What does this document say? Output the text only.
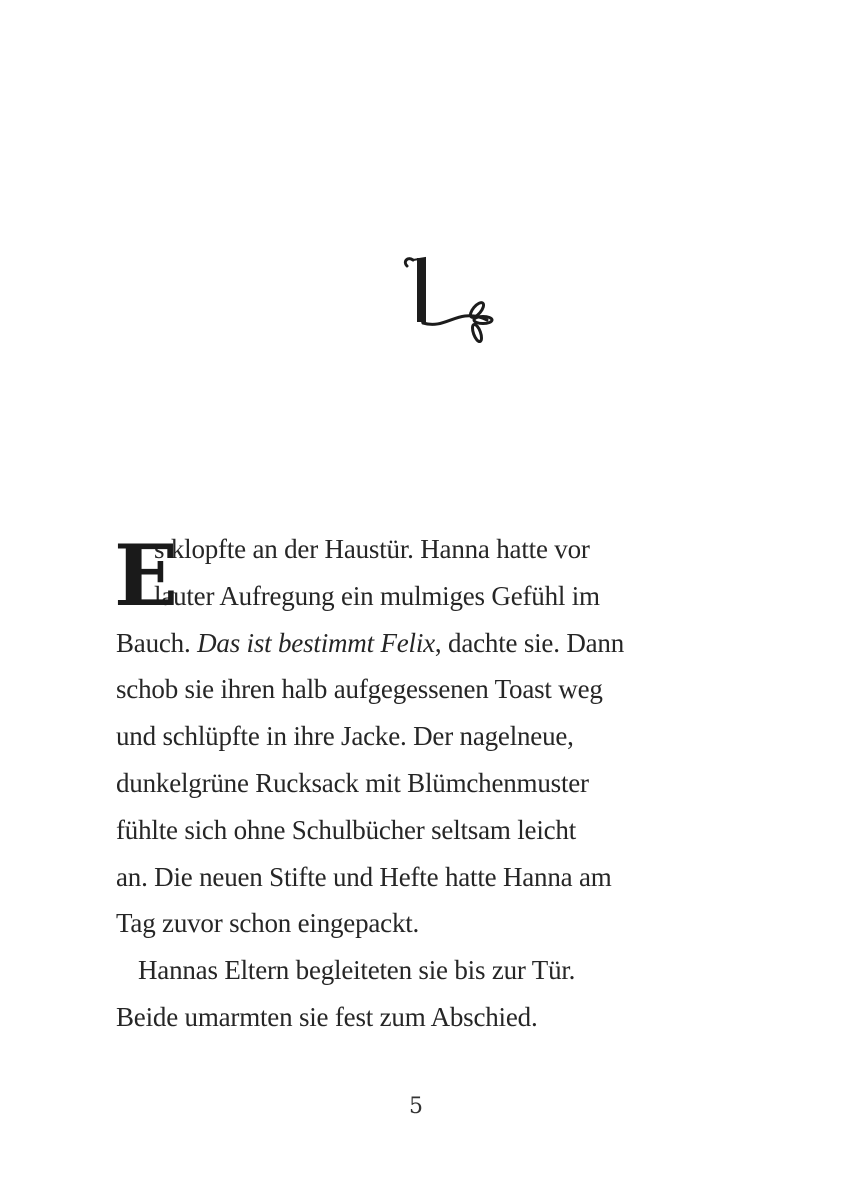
E
s klopfte an der Haustür. Hanna hatte vor
lauter Aufregung ein mulmiges Gefühl im
Bauch. Das ist bestimmt Felix, dachte sie. Dann
schob sie ihren halb aufgegessenen Toast weg
und schlüpfte in ihre Jacke. Der nagelneue,
dunkelgrüne Rucksack mit Blümchenmuster
fühlte sich ohne Schulbücher seltsam leicht
an. Die neuen Stifte und Hefte hatte Hanna am
Tag zuvor schon eingepackt.
Hannas Eltern begleiteten sie bis zur Tür.
Beide umarmten sie fest zum Abschied.
5
